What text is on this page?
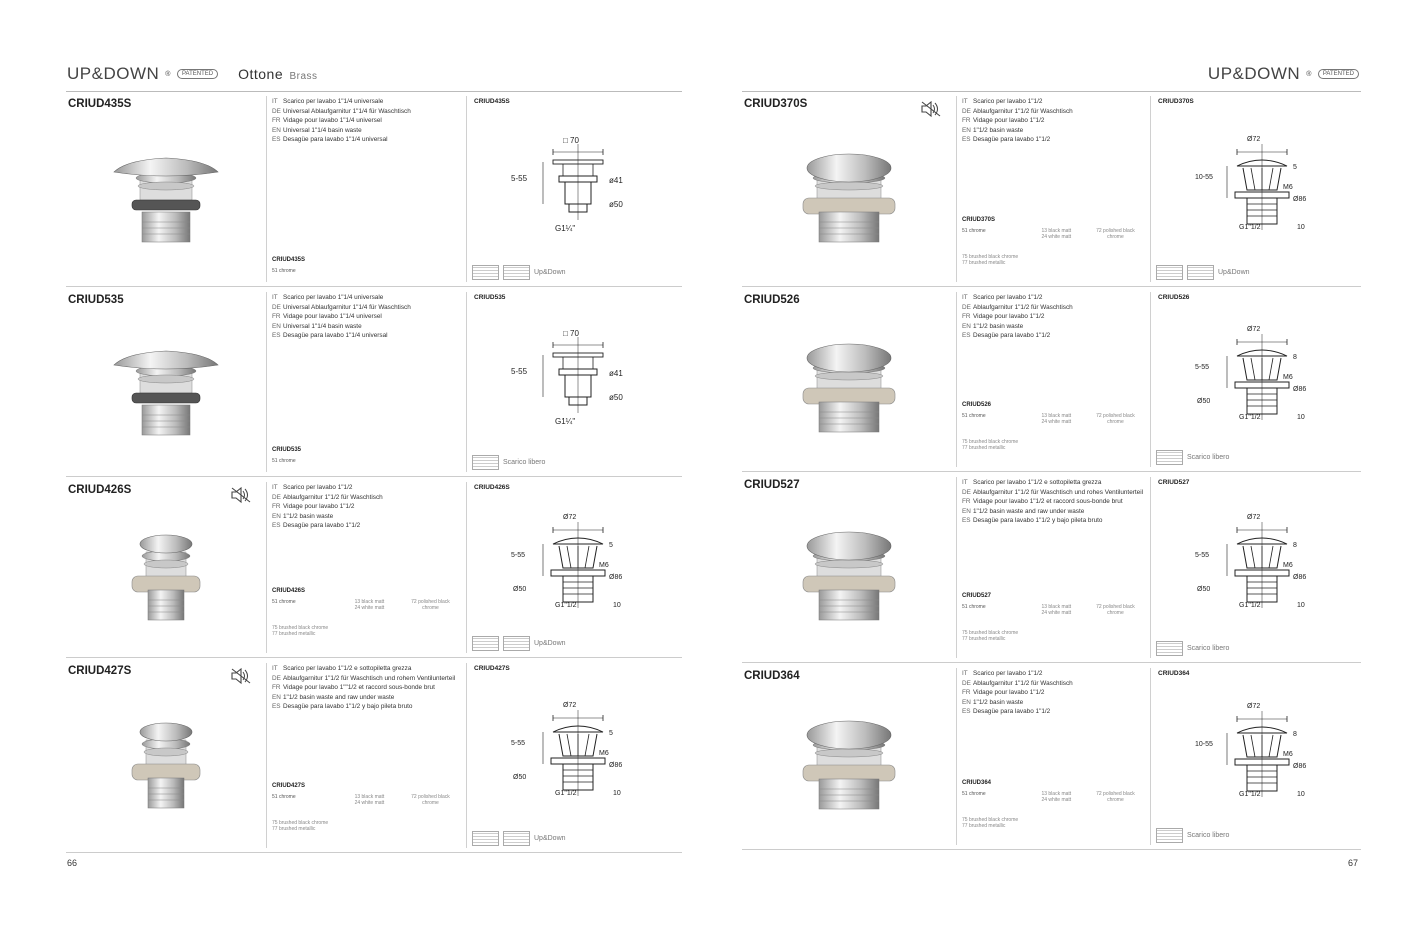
UP&DOWN ®	PATENTED	Ottone Brass
CRIUD435S	IT Scarico per lavabo 1"1/4 universale
DE Universal Ablaufgarnitur 1"1/4 für Waschtisch
FR Vidage pour lavabo 1"1/4 universel
EN Universal 1"1/4 basin waste
ES Desagüe para lavabo 1"1/4 universal
CRIUD435S
51 chrome
CRIUD435S
□ 70
5-55	ø41
ø50
G1¼"
Up&Down
CRIUD535	IT Scarico per lavabo 1"1/4 universale
DE Universal Ablaufgarnitur 1"1/4 für Waschtisch
FR Vidage pour lavabo 1"1/4 universel
EN Universal 1"1/4 basin waste
ES Desagüe para lavabo 1"1/4 universal
CRIUD535
51 chrome
CRIUD535
□ 70
5-55	ø41
ø50
G1¼"
Scarico libero
CRIUD426S	IT Scarico per lavabo 1"1/2
DE Ablaufgarnitur 1"1/2 für Waschtisch
FR Vidage pour lavabo 1"1/2
EN 1"1/2 basin waste
ES Desagüe para lavabo 1"1/2
CRIUD426S
51 chrome	13 black matt
24 white matt
72 polished black
chrome
75 brushed black chrome
77 brushed metallic
CRIUD426S
Ø72
5-55
5
M6
Ø86
Ø50
G1"1/2	10
Up&Down
CRIUD427S	IT Scarico per lavabo 1"1/2 e sottopiletta grezza
DE Ablaufgarnitur 1"1/2 für Waschtisch und rohem Ventilunterteil
FR Vidage pour lavabo 1""1/2 et raccord sous-bonde brut
EN 1"1/2 basin waste and raw under waste
ES Desagüe para lavabo 1"1/2 y bajo pileta bruto
CRIUD427S
51 chrome	13 black matt
24 white matt
72 polished black
chrome
75 brushed black chrome
77 brushed metallic
CRIUD427S
Ø72
5-55
5
M6
Ø86
Ø50
G1"1/2	10
Up&Down
66
UP&DOWN ®	PATENTED
CRIUD370S	IT Scarico per lavabo 1"1/2
DE Ablaufgarnitur 1"1/2 für Waschtisch
FR Vidage pour lavabo 1"1/2
EN 1"1/2 basin waste
ES Desagüe para lavabo 1"1/2
CRIUD370S
51 chrome	13 black matt
24 white matt
72 polished black
chrome
75 brushed black chrome
77 brushed metallic
CRIUD370S
Ø72
10-55
5
M6
Ø86
G1"1/2	10
Up&Down
CRIUD526	IT Scarico per lavabo 1"1/2
DE Ablaufgarnitur 1"1/2 für Waschtisch
FR Vidage pour lavabo 1"1/2
EN 1"1/2 basin waste
ES Desagüe para lavabo 1"1/2
CRIUD526
51 chrome	13 black matt
24 white matt
72 polished black
chrome
75 brushed black chrome
77 brushed metallic
CRIUD526
Ø72
5-55
8
M6
Ø86
Ø50
G1"1/2	10
Scarico libero
CRIUD527	IT Scarico per lavabo 1"1/2 e sottopiletta grezza
DE Ablaufgarnitur 1"1/2 für Waschtisch und rohes Ventilunterteil
FR Vidage pour lavabo 1"1/2 et raccord sous-bonde brut
EN 1"1/2 basin waste and raw under waste
ES Desagüe para lavabo 1"1/2 y bajo pileta bruto
CRIUD527
51 chrome	13 black matt
24 white matt
72 polished black
chrome
75 brushed black chrome
77 brushed metallic
CRIUD527
Ø72
5-55
8
M6
Ø86
Ø50
G1"1/2	10
Scarico libero
CRIUD364	IT Scarico per lavabo 1"1/2
DE Ablaufgarnitur 1"1/2 für Waschtisch
FR Vidage pour lavabo 1"1/2
EN 1"1/2 basin waste
ES Desagüe para lavabo 1"1/2
CRIUD364
51 chrome	13 black matt
24 white matt
72 polished black
chrome
75 brushed black chrome
77 brushed metallic
CRIUD364
Ø72
10-55
8
M6
Ø86
G1"1/2	10
Scarico libero
67
